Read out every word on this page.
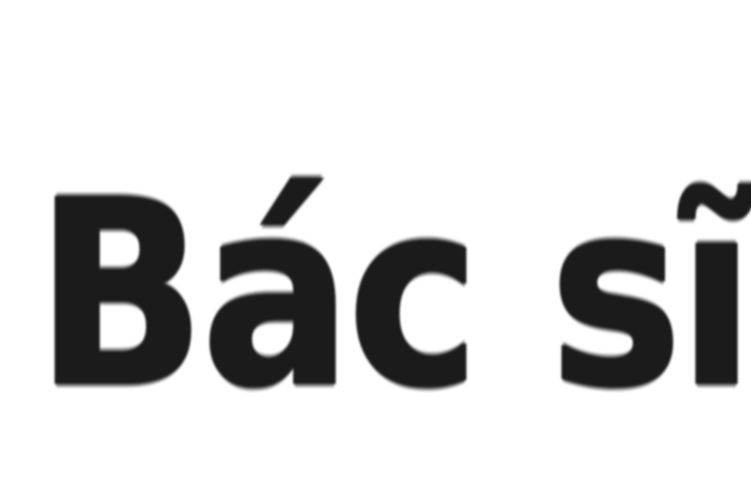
Bác sĩ
